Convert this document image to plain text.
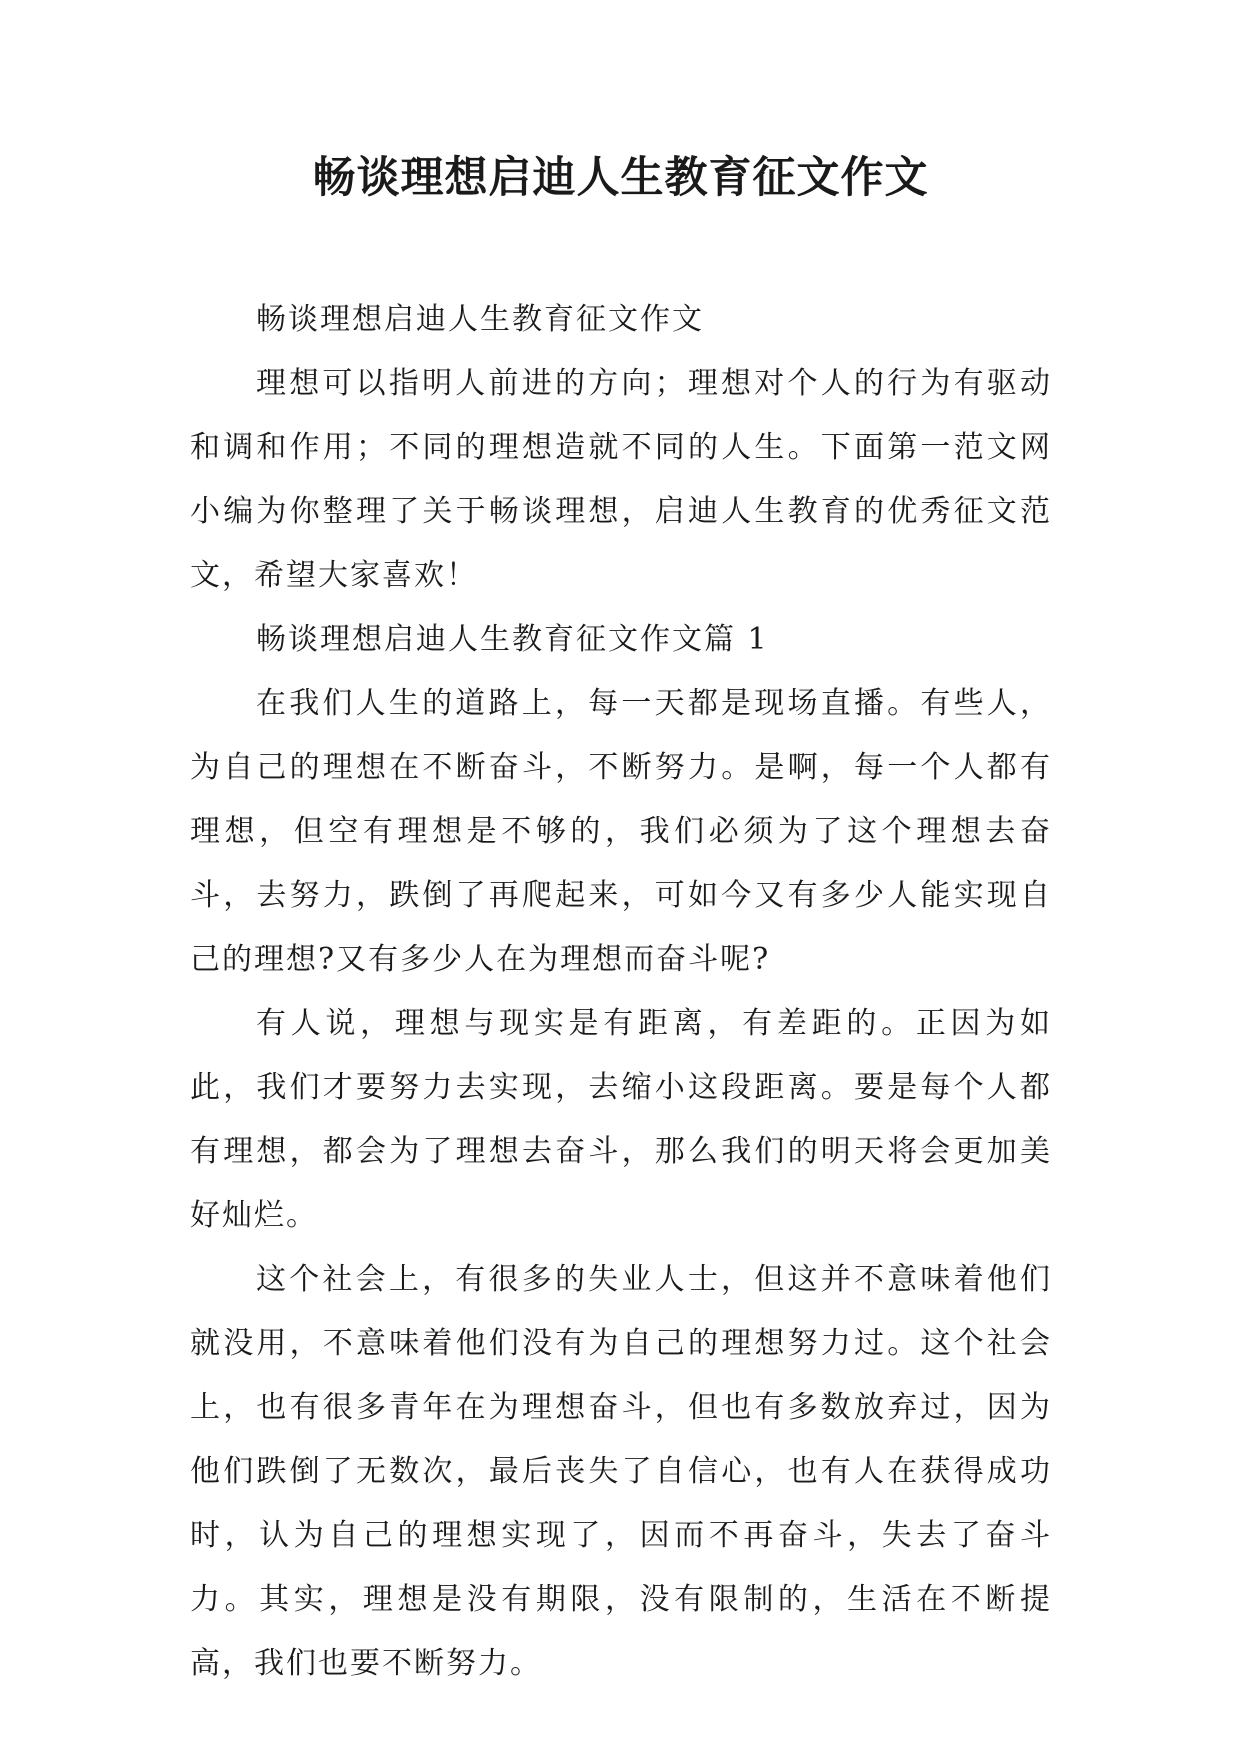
畅谈理想启迪人生教育征文作文

畅谈理想启迪人生教育征文作文

理想可以指明人前进的方向；理想对个人的行为有驱动和调和作用；不同的理想造就不同的人生。下面第一范文网小编为你整理了关于畅谈理想，启迪人生教育的优秀征文范文，希望大家喜欢！

畅谈理想启迪人生教育征文作文篇 1

在我们人生的道路上，每一天都是现场直播。有些人，为自己的理想在不断奋斗，不断努力。是啊，每一个人都有理想，但空有理想是不够的，我们必须为了这个理想去奋斗，去努力，跌倒了再爬起来，可如今又有多少人能实现自己的理想?又有多少人在为理想而奋斗呢?

有人说，理想与现实是有距离，有差距的。正因为如此，我们才要努力去实现，去缩小这段距离。要是每个人都有理想，都会为了理想去奋斗，那么我们的明天将会更加美好灿烂。

这个社会上，有很多的失业人士，但这并不意味着他们就没用，不意味着他们没有为自己的理想努力过。这个社会上，也有很多青年在为理想奋斗，但也有多数放弃过，因为他们跌倒了无数次，最后丧失了自信心，也有人在获得成功时，认为自己的理想实现了，因而不再奋斗，失去了奋斗力。其实，理想是没有期限，没有限制的，生活在不断提高，我们也要不断努力。
